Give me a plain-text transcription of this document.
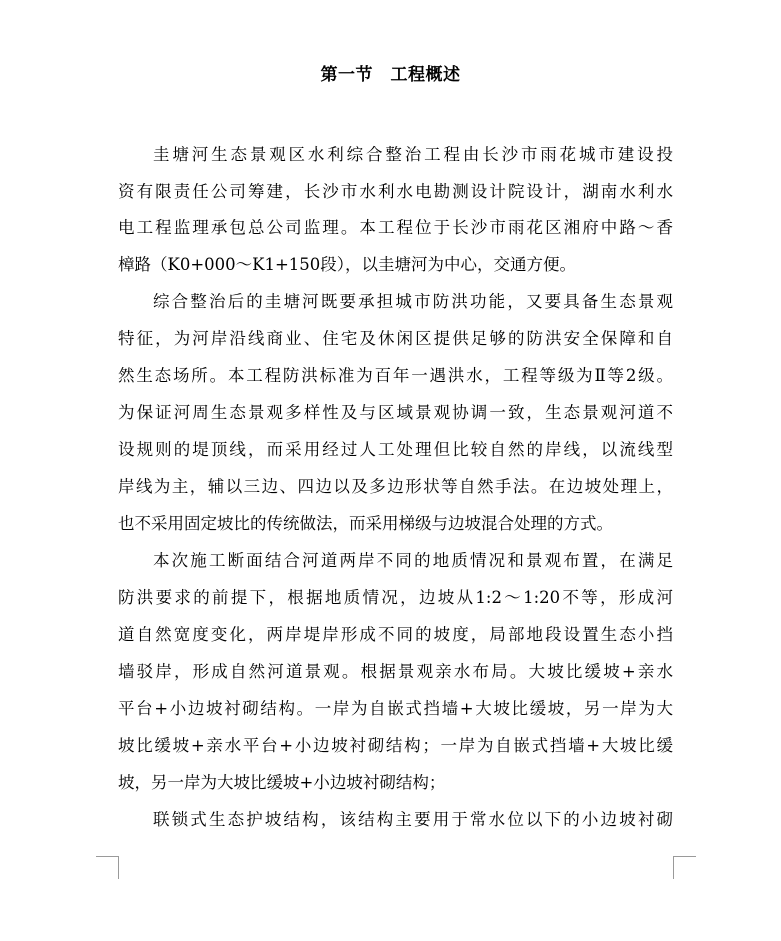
第一节　工程概述
圭塘河生态景观区水利综合整治工程由长沙市雨花城市建设投
资有限责任公司筹建，长沙市水利水电勘测设计院设计，湖南水利水
电工程监理承包总公司监理。本工程位于长沙市雨花区湘府中路～香
樟路（K0+000～K1+150段），以圭塘河为中心，交通方便。
综合整治后的圭塘河既要承担城市防洪功能，又要具备生态景观
特征，为河岸沿线商业、住宅及休闲区提供足够的防洪安全保障和自
然生态场所。本工程防洪标准为百年一遇洪水，工程等级为Ⅱ等2级。
为保证河周生态景观多样性及与区域景观协调一致，生态景观河道不
设规则的堤顶线，而采用经过人工处理但比较自然的岸线，以流线型
岸线为主，辅以三边、四边以及多边形状等自然手法。在边坡处理上，
也不采用固定坡比的传统做法，而采用梯级与边坡混合处理的方式。
本次施工断面结合河道两岸不同的地质情况和景观布置，在满足
防洪要求的前提下，根据地质情况，边坡从1:2～1:20不等，形成河
道自然宽度变化，两岸堤岸形成不同的坡度，局部地段设置生态小挡
墙驳岸，形成自然河道景观。根据景观亲水布局。大坡比缓坡+亲水
平台+小边坡衬砌结构。一岸为自嵌式挡墙+大坡比缓坡，另一岸为大
坡比缓坡+亲水平台+小边坡衬砌结构；一岸为自嵌式挡墙+大坡比缓
坡，另一岸为大坡比缓坡+小边坡衬砌结构；
联锁式生态护坡结构，该结构主要用于常水位以下的小边坡衬砌
